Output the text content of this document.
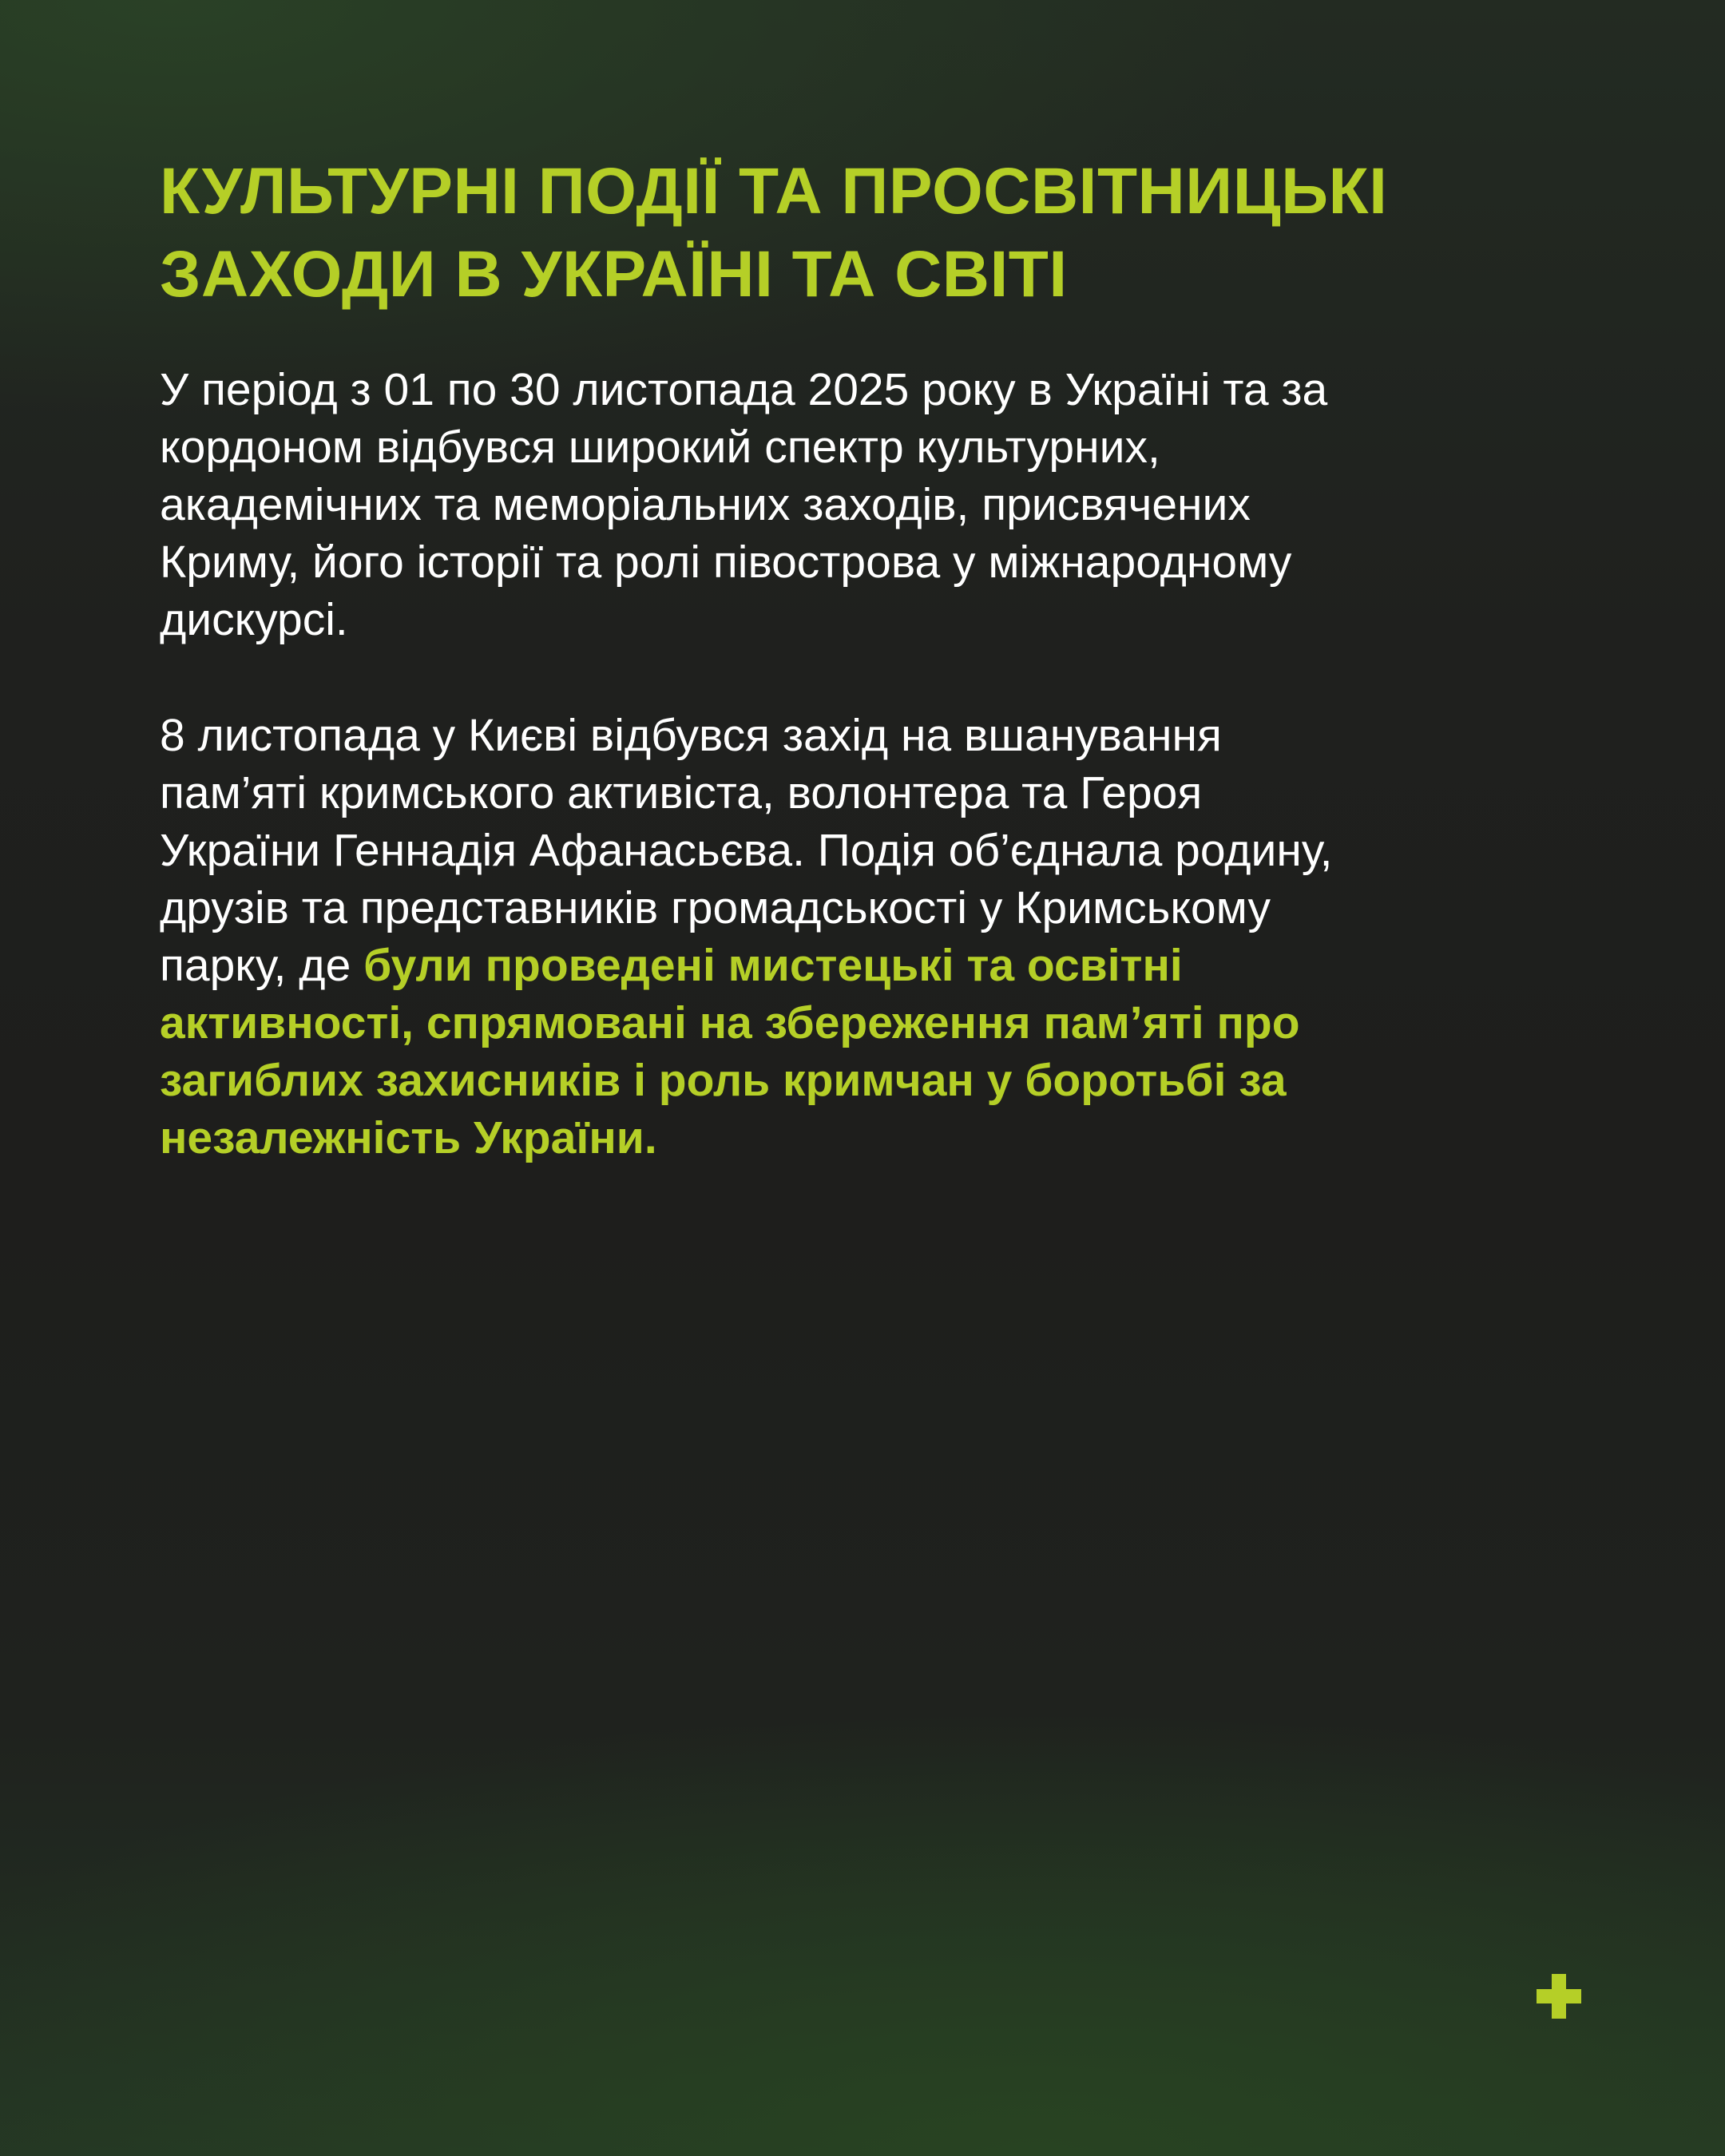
КУЛЬТУРНІ ПОДІЇ ТА ПРОСВІТНИЦЬКІ
ЗАХОДИ В УКРАЇНІ ТА СВІТІ

У період з 01 по 30 листопада 2025 року в Україні та за
кордоном відбувся широкий спектр культурних,
академічних та меморіальних заходів, присвячених
Криму, його історії та ролі півострова у міжнародному
дискурсі.

8 листопада у Києві відбувся захід на вшанування
пам’яті кримського активіста, волонтера та Героя
України Геннадія Афанасьєва. Подія об’єднала родину,
друзів та представників громадськості у Кримському
парку, де були проведені мистецькі та освітні
активності, спрямовані на збереження пам’яті про
загиблих захисників і роль кримчан у боротьбі за
незалежність України.
